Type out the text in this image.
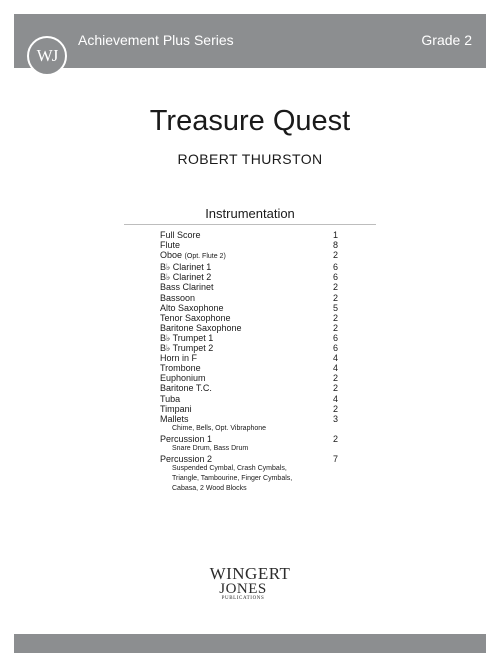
WJ
Achievement Plus Series	Grade 2
Treasure Quest
ROBERT THURSTON
Instrumentation
Full Score	1
Flute	8
Oboe (Opt. Flute 2)	2
B♭ Clarinet 1	6
B♭ Clarinet 2	6
Bass Clarinet	2
Bassoon	2
Alto Saxophone	5
Tenor Saxophone	2
Baritone Saxophone	2
B♭ Trumpet 1	6
B♭ Trumpet 2	6
Horn in F	4
Trombone	4
Euphonium	2
Baritone T.C.	2
Tuba	4
Timpani	2
Mallets	3
Chime, Bells, Opt. Vibraphone
Percussion 1	2
Snare Drum, Bass Drum
Percussion 2	7
Suspended Cymbal, Crash Cymbals,
Triangle, Tambourine, Finger Cymbals,
Cabasa, 2 Wood Blocks
WINGERT
JONES
PUBLICATIONS
